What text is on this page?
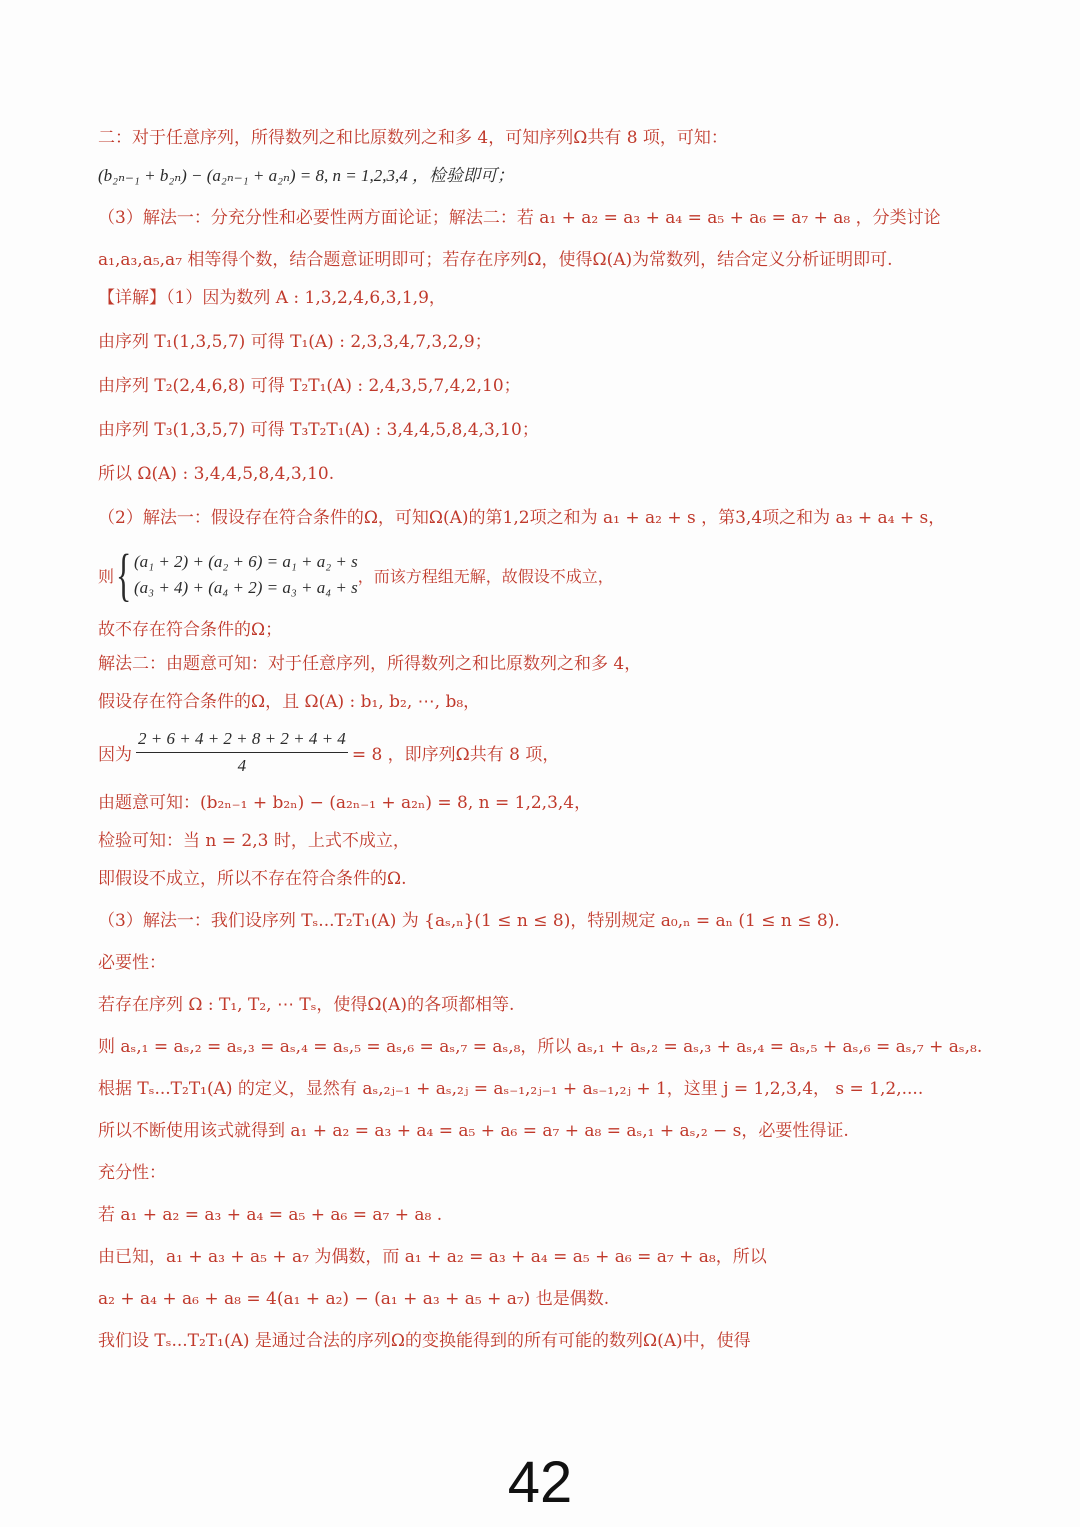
二：对于任意序列，所得数列之和比原数列之和多 4，可知序列Ω共有 8 项，可知：

(b₂ₙ₋₁ + b₂ₙ) − (a₂ₙ₋₁ + a₂ₙ) = 8, n = 1,2,3,4 ，检验即可；

（3）解法一：分充分性和必要性两方面论证；解法二：若 a₁ + a₂ = a₃ + a₄ = a₅ + a₆ = a₇ + a₈ ，分类讨论

a₁,a₃,a₅,a₇ 相等得个数，结合题意证明即可；若存在序列Ω，使得Ω(A)为常数列，结合定义分析证明即可.

【详解】（1）因为数列 A : 1,3,2,4,6,3,1,9，

由序列 T₁(1,3,5,7) 可得 T₁(A) : 2,3,3,4,7,3,2,9；

由序列 T₂(2,4,6,8) 可得 T₂T₁(A) : 2,4,3,5,7,4,2,10；

由序列 T₃(1,3,5,7) 可得 T₃T₂T₁(A) : 3,4,4,5,8,4,3,10；

所以 Ω(A) : 3,4,4,5,8,4,3,10.

（2）解法一：假设存在符合条件的Ω，可知Ω(A)的第1,2项之和为 a₁ + a₂ + s ，第3,4项之和为 a₃ + a₄ + s，

则 { (a₁ + 2) + (a₂ + 6) = a₁ + a₂ + s
(a₃ + 4) + (a₄ + 2) = a₃ + a₄ + s
，而该方程组无解，故假设不成立，

故不存在符合条件的Ω；

解法二：由题意可知：对于任意序列，所得数列之和比原数列之和多 4，

假设存在符合条件的Ω，且 Ω(A) : b₁, b₂, ⋯, b₈，

因为 $\frac{2 + 6 + 4 + 2 + 8 + 2 + 4 + 4}{4} = 8$ ，即序列Ω共有 8 项，

由题意可知：(b₂ₙ₋₁ + b₂ₙ) − (a₂ₙ₋₁ + a₂ₙ) = 8, n = 1,2,3,4，

检验可知：当 n = 2,3 时，上式不成立，

即假设不成立，所以不存在符合条件的Ω.

（3）解法一：我们设序列 Tₛ...T₂T₁(A) 为 {aₛ,ₙ}(1 ≤ n ≤ 8)，特别规定 a₀,ₙ = aₙ (1 ≤ n ≤ 8).

必要性：

若存在序列 Ω : T₁, T₂, ⋯ Tₛ，使得Ω(A)的各项都相等.

则 aₛ,₁ = aₛ,₂ = aₛ,₃ = aₛ,₄ = aₛ,₅ = aₛ,₆ = aₛ,₇ = aₛ,₈，所以 aₛ,₁ + aₛ,₂ = aₛ,₃ + aₛ,₄ = aₛ,₅ + aₛ,₆ = aₛ,₇ + aₛ,₈.

根据 Tₛ...T₂T₁(A) 的定义，显然有 aₛ,₂ⱼ₋₁ + aₛ,₂ⱼ = aₛ₋₁,₂ⱼ₋₁ + aₛ₋₁,₂ⱼ + 1，这里 j = 1,2,3,4， s = 1,2,....

所以不断使用该式就得到 a₁ + a₂ = a₃ + a₄ = a₅ + a₆ = a₇ + a₈ = aₛ,₁ + aₛ,₂ − s，必要性得证.

充分性：

若 a₁ + a₂ = a₃ + a₄ = a₅ + a₆ = a₇ + a₈ .

由已知，a₁ + a₃ + a₅ + a₇ 为偶数，而 a₁ + a₂ = a₃ + a₄ = a₅ + a₆ = a₇ + a₈，所以

a₂ + a₄ + a₆ + a₈ = 4(a₁ + a₂) − (a₁ + a₃ + a₅ + a₇) 也是偶数.

我们设 Tₛ...T₂T₁(A) 是通过合法的序列Ω的变换能得到的所有可能的数列Ω(A)中，使得

42
